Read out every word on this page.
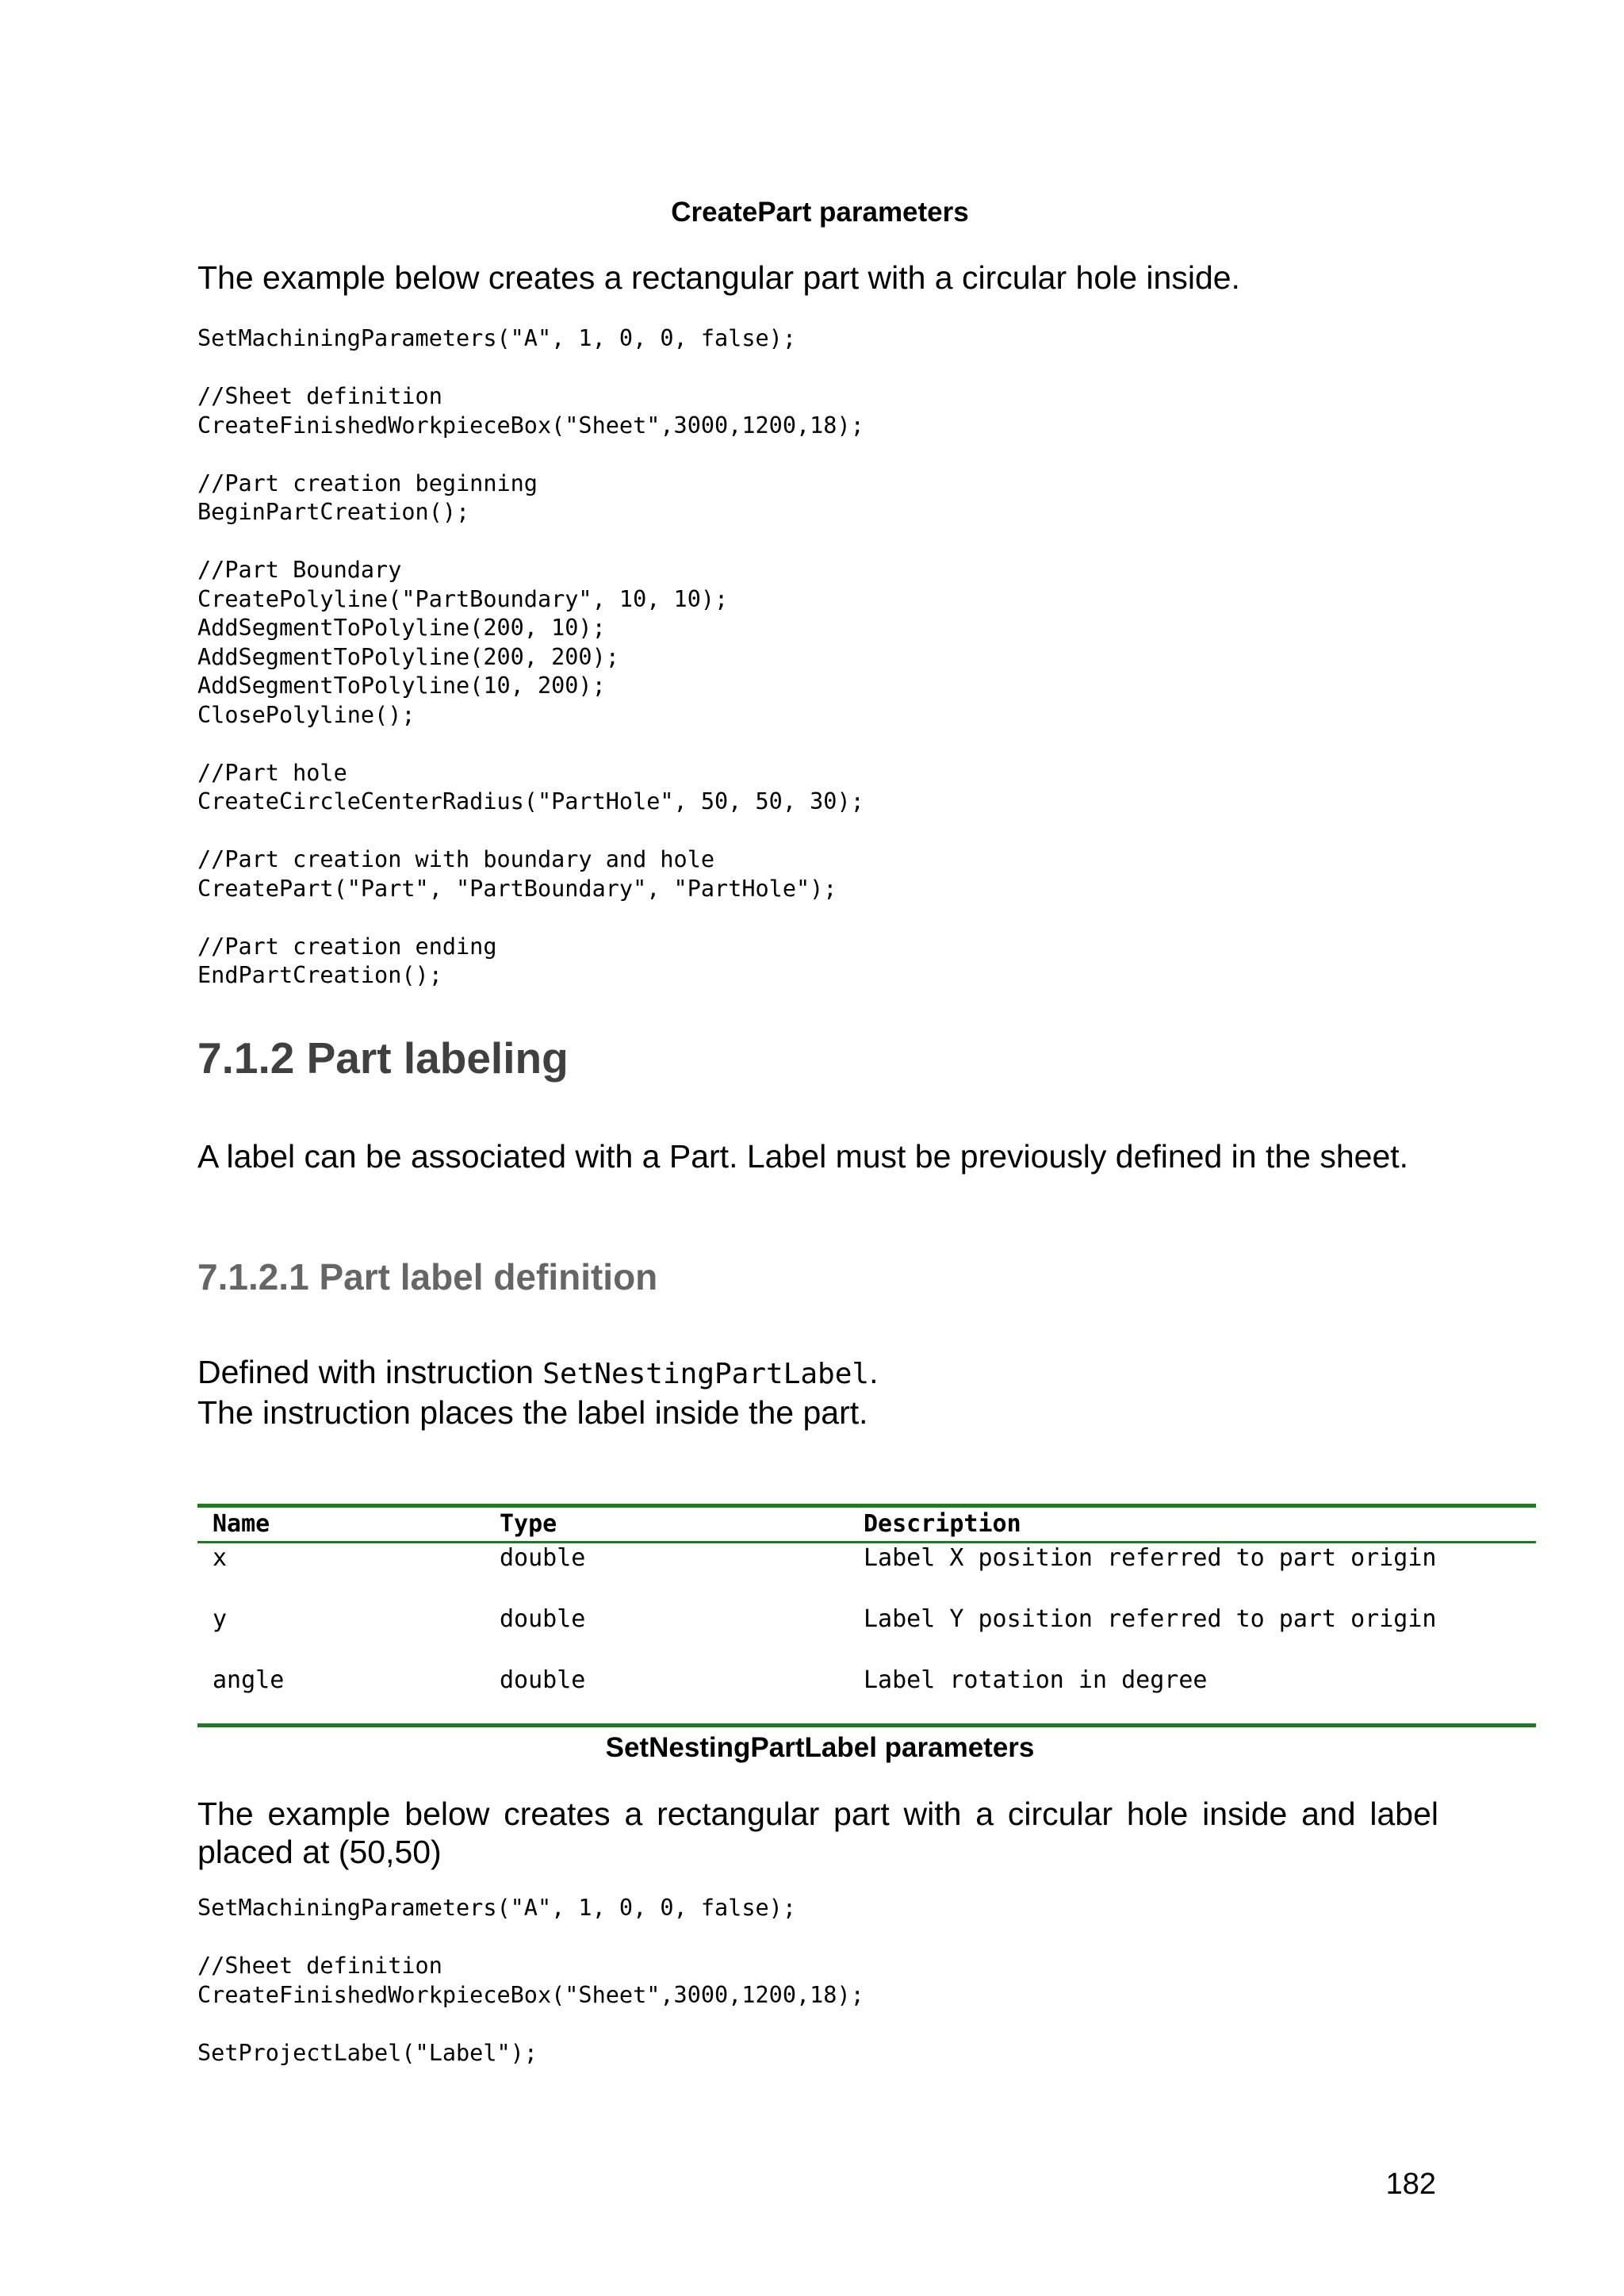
CreatePart parameters
The example below creates a rectangular part with a circular hole inside.
SetMachiningParameters("A", 1, 0, 0, false);

//Sheet definition
CreateFinishedWorkpieceBox("Sheet",3000,1200,18);

//Part creation beginning
BeginPartCreation();

//Part Boundary
CreatePolyline("PartBoundary", 10, 10);
AddSegmentToPolyline(200, 10);
AddSegmentToPolyline(200, 200);
AddSegmentToPolyline(10, 200);
ClosePolyline();

//Part hole
CreateCircleCenterRadius("PartHole", 50, 50, 30);

//Part creation with boundary and hole
CreatePart("Part", "PartBoundary", "PartHole");

//Part creation ending
EndPartCreation();
7.1.2 Part labeling
A label can be associated with a Part. Label must be previously defined in the sheet.
7.1.2.1 Part label definition
Defined with instruction SetNestingPartLabel.
The instruction places the label inside the part.
Name	Type	Description
x	double	Label X position referred to part origin
y	double	Label Y position referred to part origin
angle	double	Label rotation in degree
SetNestingPartLabel parameters
The example below creates a rectangular part with a circular hole inside and label placed at (50,50)
SetMachiningParameters("A", 1, 0, 0, false);

//Sheet definition
CreateFinishedWorkpieceBox("Sheet",3000,1200,18);

SetProjectLabel("Label");
182
